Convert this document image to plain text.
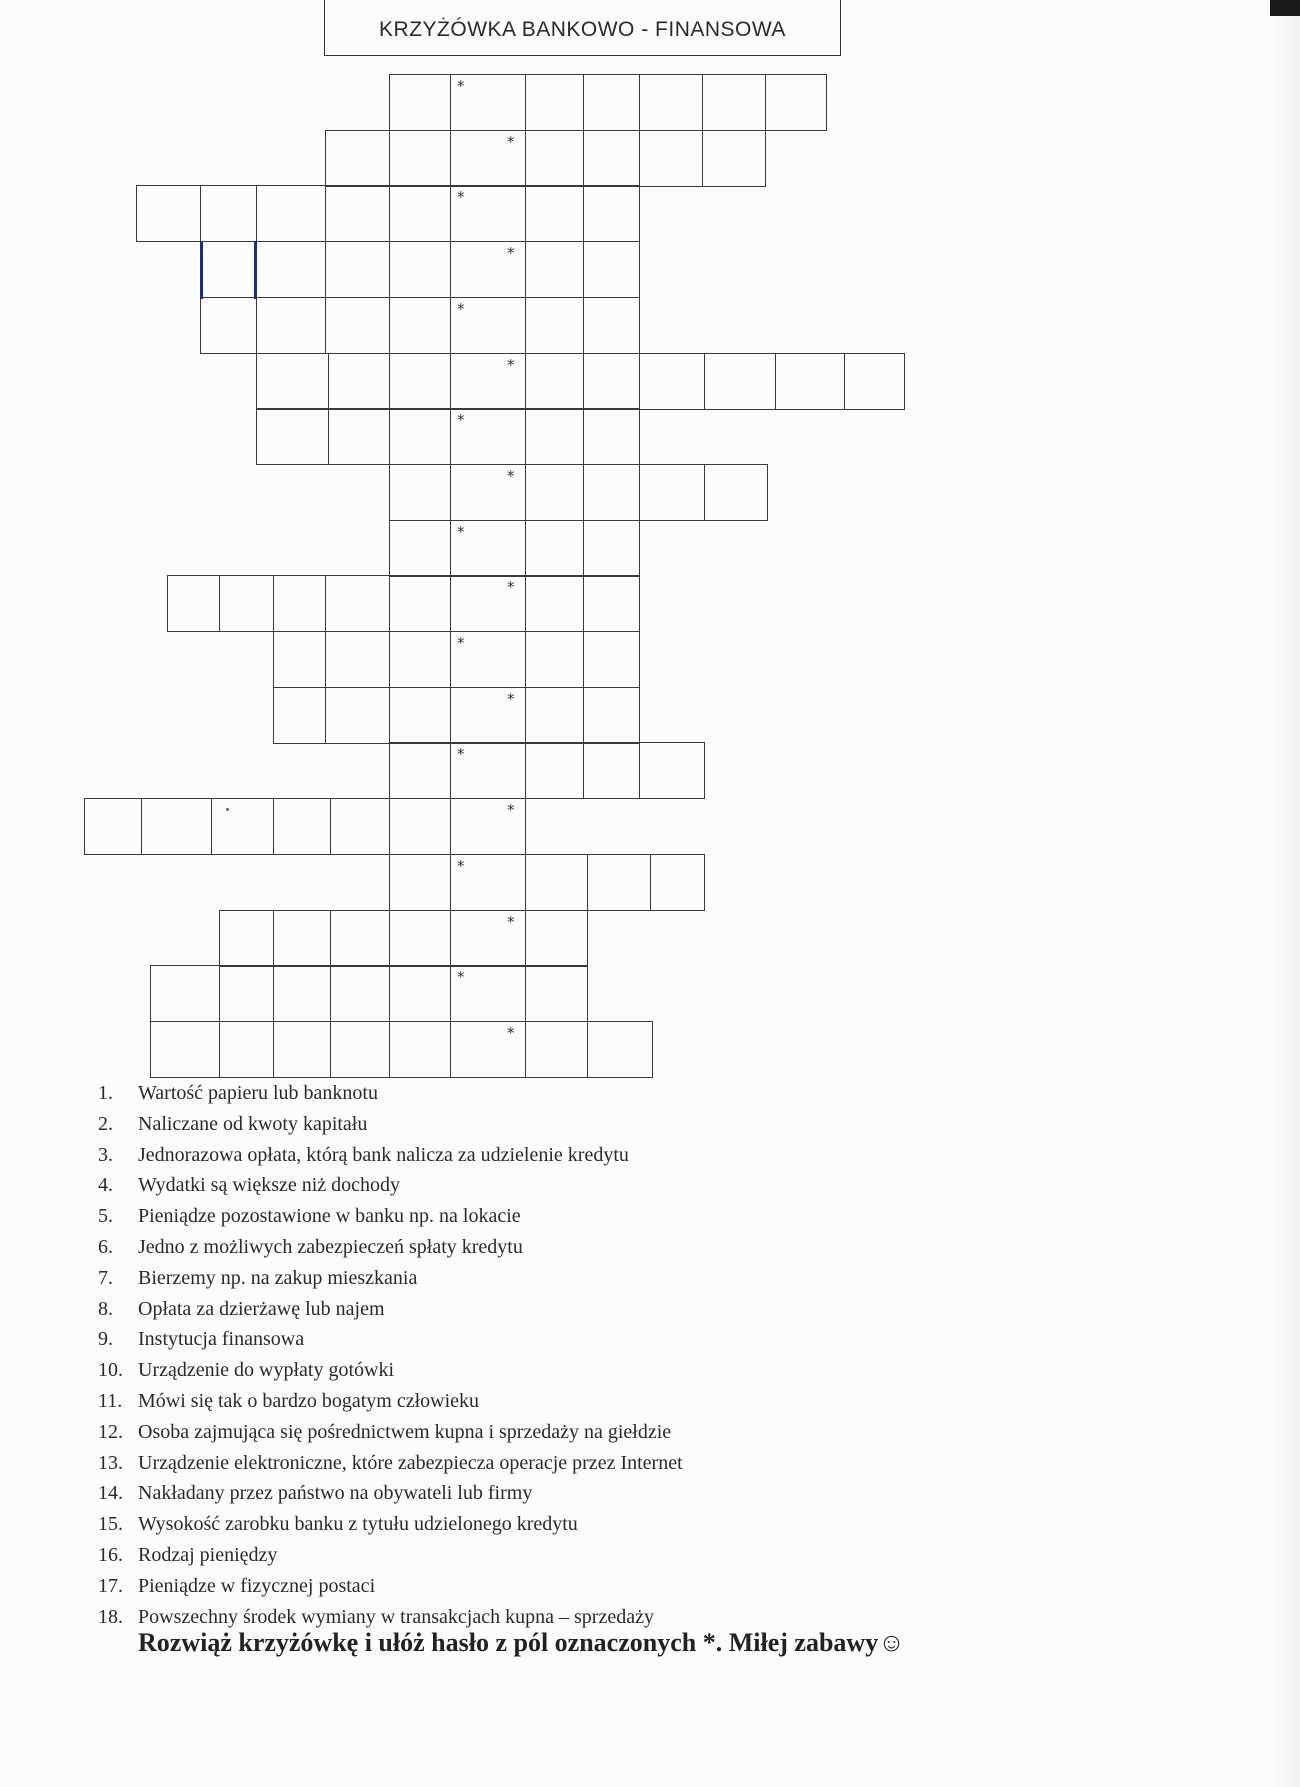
KRZYŻÓWKA BANKOWO - FINANSOWA
*
*
*
*
*
*
*
*
*
*
*
*
*
*
*
*
*
*
1. Wartość papieru lub banknotu
2. Naliczane od kwoty kapitału
3. Jednorazowa opłata, którą bank nalicza za udzielenie kredytu
4. Wydatki są większe niż dochody
5. Pieniądze pozostawione w banku np. na lokacie
6. Jedno z możliwych zabezpieczeń spłaty kredytu
7. Bierzemy np. na zakup mieszkania
8. Opłata za dzierżawę lub najem
9. Instytucja finansowa
10. Urządzenie do wypłaty gotówki
11. Mówi się tak o bardzo bogatym człowieku
12. Osoba zajmująca się pośrednictwem kupna i sprzedaży na giełdzie
13. Urządzenie elektroniczne, które zabezpiecza operacje przez Internet
14. Nakładany przez państwo na obywateli lub firmy
15. Wysokość zarobku banku z tytułu udzielonego kredytu
16. Rodzaj pieniędzy
17. Pieniądze w fizycznej postaci
18. Powszechny środek wymiany w transakcjach kupna – sprzedaży
Rozwiąż krzyżówkę i ułóż hasło z pól oznaczonych *. Miłej zabawy☺
